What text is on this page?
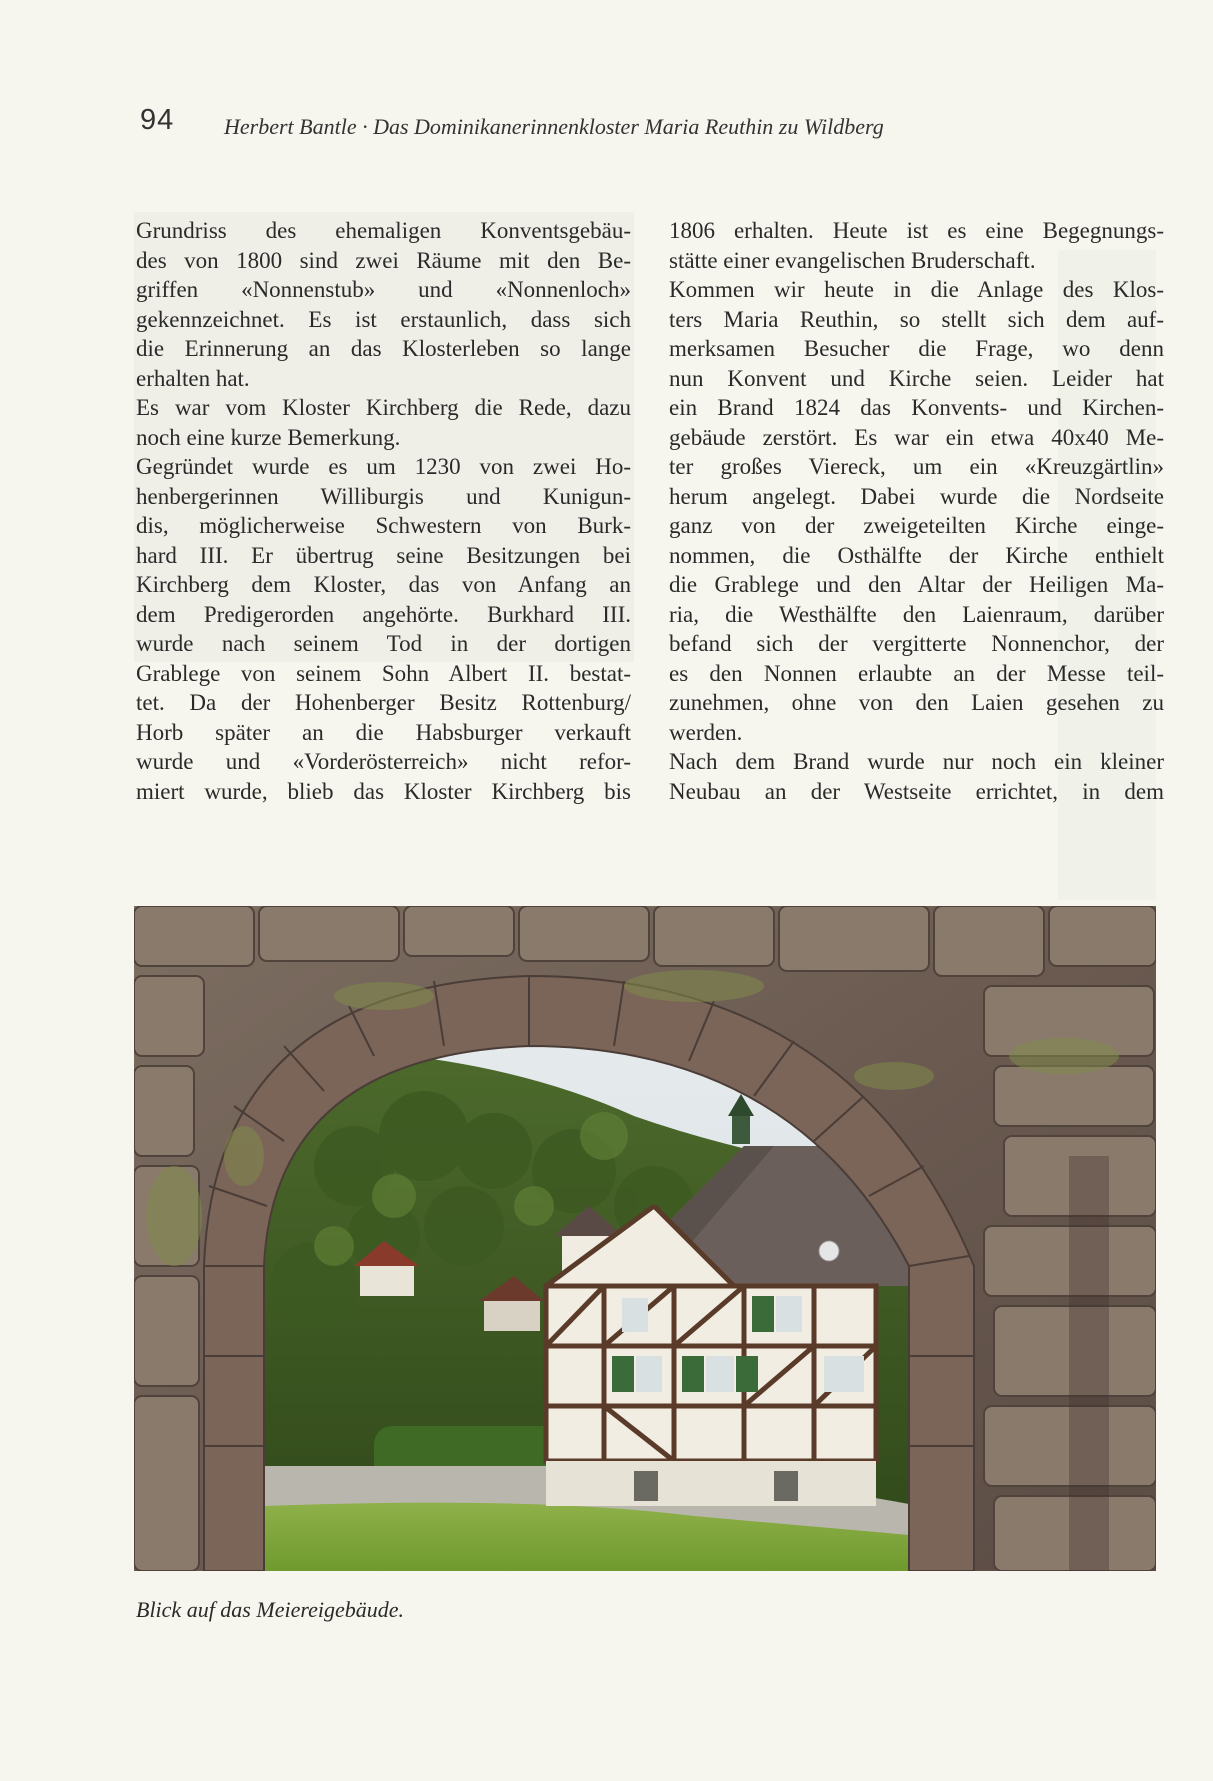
94 Herbert Bantle · Das Dominikanerinnenkloster Maria Reuthin zu Wildberg
Grundriss des ehemaligen Konventsgebäu-
des von 1800 sind zwei Räume mit den Be-
griffen «Nonnenstub» und «Nonnenloch»
gekennzeichnet. Es ist erstaunlich, dass sich
die Erinnerung an das Klosterleben so lange
erhalten hat.
Es war vom Kloster Kirchberg die Rede, dazu
noch eine kurze Bemerkung.
Gegründet wurde es um 1230 von zwei Ho-
henbergerinnen Williburgis und Kunigun-
dis, möglicherweise Schwestern von Burk-
hard III. Er übertrug seine Besitzungen bei
Kirchberg dem Kloster, das von Anfang an
dem Predigerorden angehörte. Burkhard III.
wurde nach seinem Tod in der dortigen
Grablege von seinem Sohn Albert II. bestat-
tet. Da der Hohenberger Besitz Rottenburg/
Horb später an die Habsburger verkauft
wurde und «Vorderösterreich» nicht refor-
miert wurde, blieb das Kloster Kirchberg bis
1806 erhalten. Heute ist es eine Begegnungs-
stätte einer evangelischen Bruderschaft.
Kommen wir heute in die Anlage des Klos-
ters Maria Reuthin, so stellt sich dem auf-
merksamen Besucher die Frage, wo denn
nun Konvent und Kirche seien. Leider hat
ein Brand 1824 das Konvents- und Kirchen-
gebäude zerstört. Es war ein etwa 40x40 Me-
ter großes Viereck, um ein «Kreuzgärtlin»
herum angelegt. Dabei wurde die Nordseite
ganz von der zweigeteilten Kirche einge-
nommen, die Osthälfte der Kirche enthielt
die Grablege und den Altar der Heiligen Ma-
ria, die Westhälfte den Laienraum, darüber
befand sich der vergitterte Nonnenchor, der
es den Nonnen erlaubte an der Messe teil-
zunehmen, ohne von den Laien gesehen zu
werden.
Nach dem Brand wurde nur noch ein kleiner
Neubau an der Westseite errichtet, in dem
Blick auf das Meiereigebäude.
